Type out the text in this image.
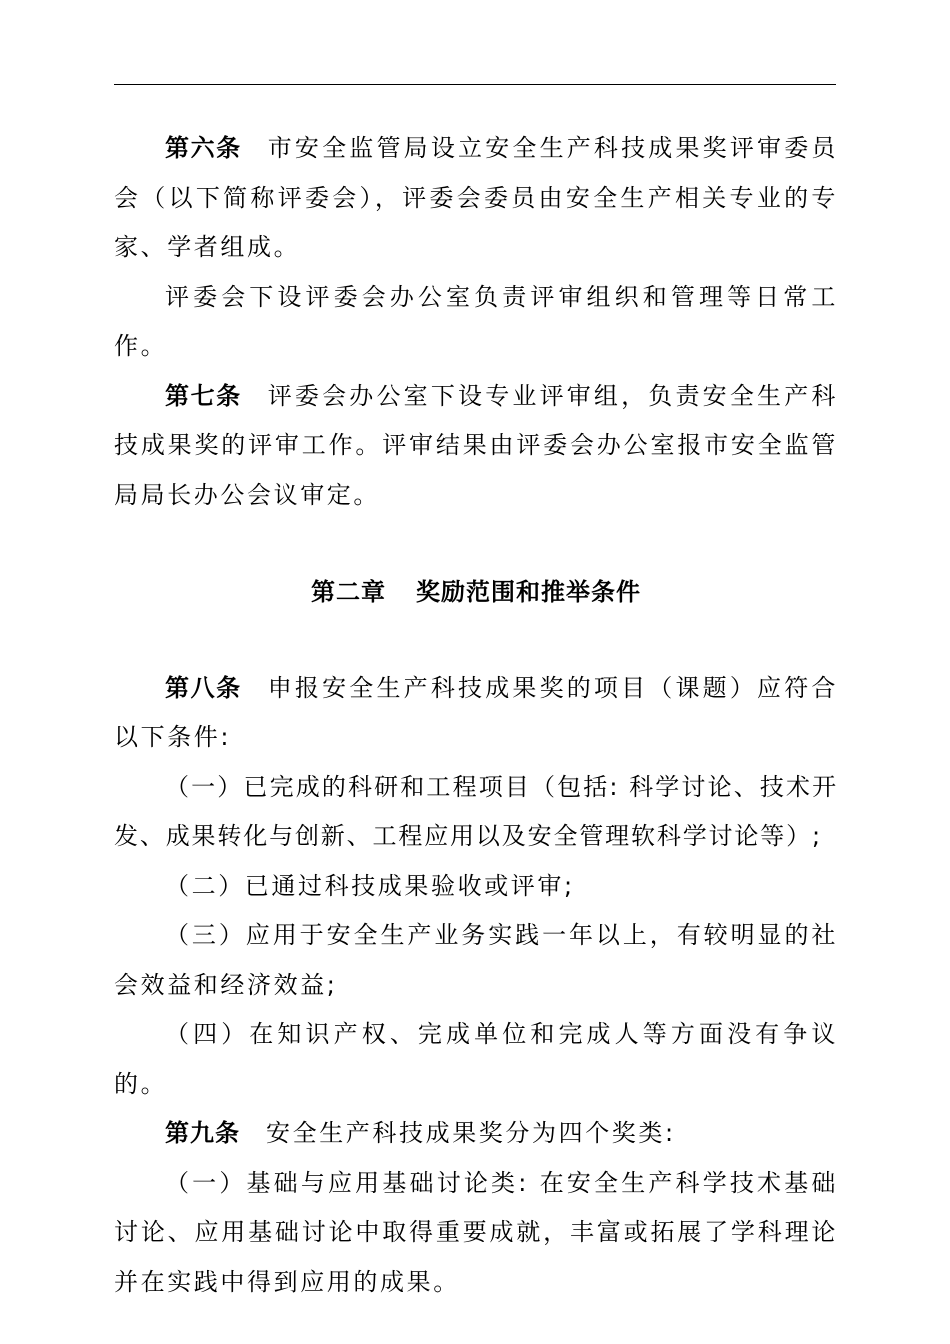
第六条 市安全监管局设立安全生产科技成果奖评审委员会（以下简称评委会），评委会委员由安全生产相关专业的专家、学者组成。

评委会下设评委会办公室负责评审组织和管理等日常工作。

第七条 评委会办公室下设专业评审组，负责安全生产科技成果奖的评审工作。评审结果由评委会办公室报市安全监管局局长办公会议审定。

第二章 奖励范围和推举条件

第八条 申报安全生产科技成果奖的项目（课题）应符合以下条件:

（一）已完成的科研和工程项目（包括: 科学讨论、技术开发、成果转化与创新、工程应用以及安全管理软科学讨论等）;

（二）已通过科技成果验收或评审;

（三）应用于安全生产业务实践一年以上，有较明显的社会效益和经济效益;

（四）在知识产权、完成单位和完成人等方面没有争议的。

第九条 安全生产科技成果奖分为四个奖类:

（一）基础与应用基础讨论类: 在安全生产科学技术基础讨论、应用基础讨论中取得重要成就，丰富或拓展了学科理论并在实践中得到应用的成果。
